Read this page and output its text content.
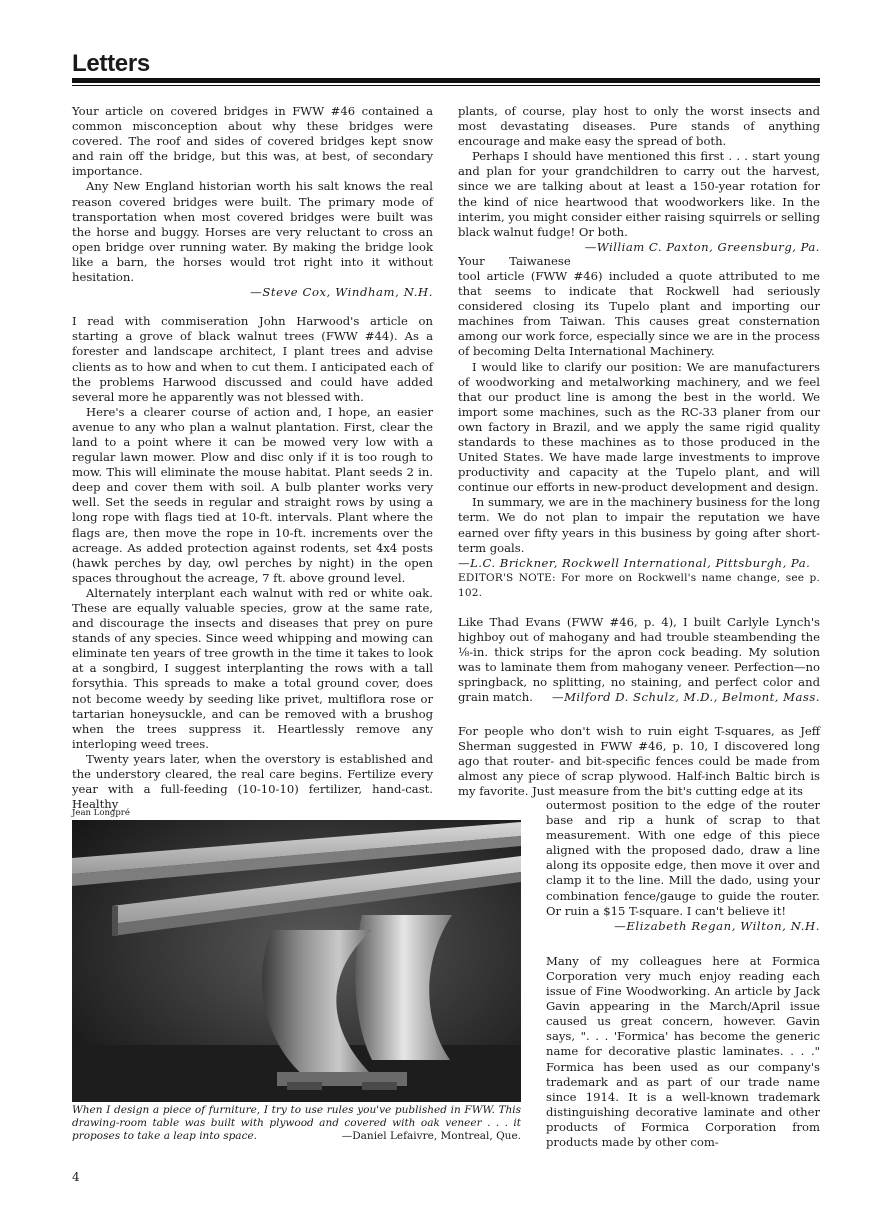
Letters

Your article on covered bridges in FWW #46 contained a common misconception about why these bridges were covered. The roof and sides of covered bridges kept snow and rain off the bridge, but this was, at best, of secondary importance.

Any New England historian worth his salt knows the real reason covered bridges were built. The primary mode of transportation when most covered bridges were built was the horse and buggy. Horses are very reluctant to cross an open bridge over running water. By making the bridge look like a barn, the horses would trot right into it without hesitation.

—Steve Cox, Windham, N.H.

I read with commiseration John Harwood's article on starting a grove of black walnut trees (FWW #44). As a forester and landscape architect, I plant trees and advise clients as to how and when to cut them. I anticipated each of the problems Harwood discussed and could have added several more he apparently was not blessed with.

Here's a clearer course of action and, I hope, an easier avenue to any who plan a walnut plantation. First, clear the land to a point where it can be mowed very low with a regular lawn mower. Plow and disc only if it is too rough to mow. This will eliminate the mouse habitat. Plant seeds 2 in. deep and cover them with soil. A bulb planter works very well. Set the seeds in regular and straight rows by using a long rope with flags tied at 10-ft. intervals. Plant where the flags are, then move the rope in 10-ft. increments over the acreage. As added protection against rodents, set 4x4 posts (hawk perches by day, owl perches by night) in the open spaces throughout the acreage, 7 ft. above ground level.

Alternately interplant each walnut with red or white oak. These are equally valuable species, grow at the same rate, and discourage the insects and diseases that prey on pure stands of any species. Since weed whipping and mowing can eliminate ten years of tree growth in the time it takes to look at a songbird, I suggest interplanting the rows with a tall forsythia. This spreads to make a total ground cover, does not become weedy by seeding like privet, multiflora rose or tartarian honeysuckle, and can be removed with a brushog when the trees suppress it. Heartlessly remove any interloping weed trees.

Twenty years later, when the overstory is established and the understory cleared, the real care begins. Fertilize every year with a full-feeding (10-10-10) fertilizer, hand-cast. Healthy

Jean Longpré
When I design a piece of furniture, I try to use rules you've published in FWW. This drawing-room table was built with plywood and covered with oak veneer . . . it proposes to take a leap into space.	—Daniel Lefaivre, Montreal, Que.

plants, of course, play host to only the worst insects and most devastating diseases. Pure stands of anything encourage and make easy the spread of both.

Perhaps I should have mentioned this first . . . start young and plan for your grandchildren to carry out the harvest, since we are talking about at least a 150-year rotation for the kind of nice heartwood that woodworkers like. In the interim, you might consider either raising squirrels or selling black walnut fudge! Or both.
—William C. Paxton, Greensburg, Pa.

Your Taiwanese tool article (FWW #46) included a quote attributed to me that seems to indicate that Rockwell had seriously considered closing its Tupelo plant and importing our machines from Taiwan. This causes great consternation among our work force, especially since we are in the process of becoming Delta International Machinery.

I would like to clarify our position: We are manufacturers of woodworking and metalworking machinery, and we feel that our product line is among the best in the world. We import some machines, such as the RC-33 planer from our own factory in Brazil, and we apply the same rigid quality standards to these machines as to those produced in the United States. We have made large investments to improve productivity and capacity at the Tupelo plant, and will continue our efforts in new-product development and design.

In summary, we are in the machinery business for the long term. We do not plan to impair the reputation we have earned over fifty years in this business by going after short-term goals.

—L.C. Brickner, Rockwell International, Pittsburgh, Pa.
EDITOR'S NOTE: For more on Rockwell's name change, see p. 102.

Like Thad Evans (FWW #46, p. 4), I built Carlyle Lynch's highboy out of mahogany and had trouble steambending the ⅛-in. thick strips for the apron cock beading. My solution was to laminate them from mahogany veneer. Perfection—no springback, no splitting, no staining, and perfect color and grain match. —Milford D. Schulz, M.D., Belmont, Mass.

For people who don't wish to ruin eight T-squares, as Jeff Sherman suggested in FWW #46, p. 10, I discovered long ago that router- and bit-specific fences could be made from almost any piece of scrap plywood. Half-inch Baltic birch is my favorite. Just measure from the bit's cutting edge at its

outermost position to the edge of the router base and rip a hunk of scrap to that measurement. With one edge of this piece aligned with the proposed dado, draw a line along its opposite edge, then move it over and clamp it to the line. Mill the dado, using your combination fence/gauge to guide the router. Or ruin a $15 T-square. I can't believe it!

—Elizabeth Regan, Wilton, N.H.

Many of my colleagues here at Formica Corporation very much enjoy reading each issue of Fine Woodworking. An article by Jack Gavin appearing in the March/April issue caused us great concern, however. Gavin says, ". . . 'Formica' has become the generic name for decorative plastic laminates. . . ." Formica has been used as our company's trademark and as part of our trade name since 1914. It is a well-known trademark distinguishing decorative laminate and other products of Formica Corporation from products made by other com-

4
